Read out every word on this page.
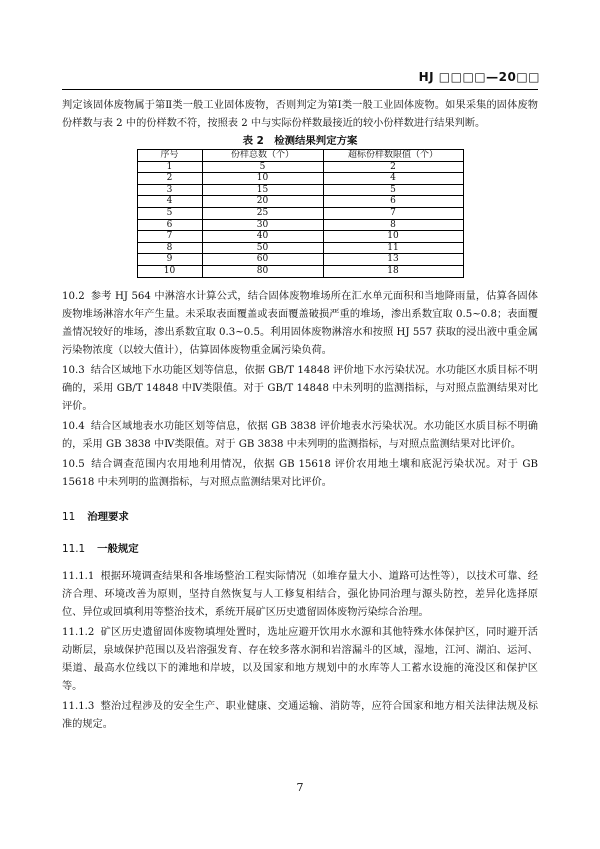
HJ □□□□—20□□

判定该固体废物属于第Ⅱ类一般工业固体废物，否则判定为第Ⅰ类一般工业固体废物。如果采集的固体废物份样数与表 2 中的份样数不符，按照表 2 中与实际份样数最接近的较小份样数进行结果判断。

表 2　检测结果判定方案
序号	份样总数（个）	超标份样数限值（个）
1	5	2
2	10	4
3	15	5
4	20	6
5	25	7
6	30	8
7	40	10
8	50	11
9	60	13
10	80	18

10.2 参考 HJ 564 中淋溶水计算公式，结合固体废物堆场所在汇水单元面积和当地降雨量，估算各固体废物堆场淋溶水年产生量。未采取表面覆盖或表面覆盖破损严重的堆场，渗出系数宜取 0.5~0.8；表面覆盖情况较好的堆场，渗出系数宜取 0.3~0.5。利用固体废物淋溶水和按照 HJ 557 获取的浸出液中重金属污染物浓度（以较大值计），估算固体废物重金属污染负荷。

10.3 结合区域地下水功能区划等信息，依据 GB/T 14848 评价地下水污染状况。水功能区水质目标不明确的，采用 GB/T 14848 中Ⅳ类限值。对于 GB/T 14848 中未列明的监测指标，与对照点监测结果对比评价。

10.4 结合区域地表水功能区划等信息，依据 GB 3838 评价地表水污染状况。水功能区水质目标不明确的，采用 GB 3838 中Ⅳ类限值。对于 GB 3838 中未列明的监测指标，与对照点监测结果对比评价。

10.5 结合调查范围内农用地利用情况，依据 GB 15618 评价农用地土壤和底泥污染状况。对于 GB 15618 中未列明的监测指标，与对照点监测结果对比评价。

11 治理要求
11.1 一般规定

11.1.1 根据环境调查结果和各堆场整治工程实际情况（如堆存量大小、道路可达性等），以技术可靠、经济合理、环境改善为原则，坚持自然恢复与人工修复相结合，强化协同治理与源头防控，差异化选择原位、异位或回填利用等整治技术，系统开展矿区历史遗留固体废物污染综合治理。

11.1.2 矿区历史遗留固体废物填埋处置时，选址应避开饮用水水源和其他特殊水体保护区，同时避开活动断层，泉域保护范围以及岩溶强发育、存在较多落水洞和岩溶漏斗的区域，湿地，江河、湖泊、运河、渠道、最高水位线以下的滩地和岸坡，以及国家和地方规划中的水库等人工蓄水设施的淹没区和保护区等。

11.1.3 整治过程涉及的安全生产、职业健康、交通运输、消防等，应符合国家和地方相关法律法规及标准的规定。

7
